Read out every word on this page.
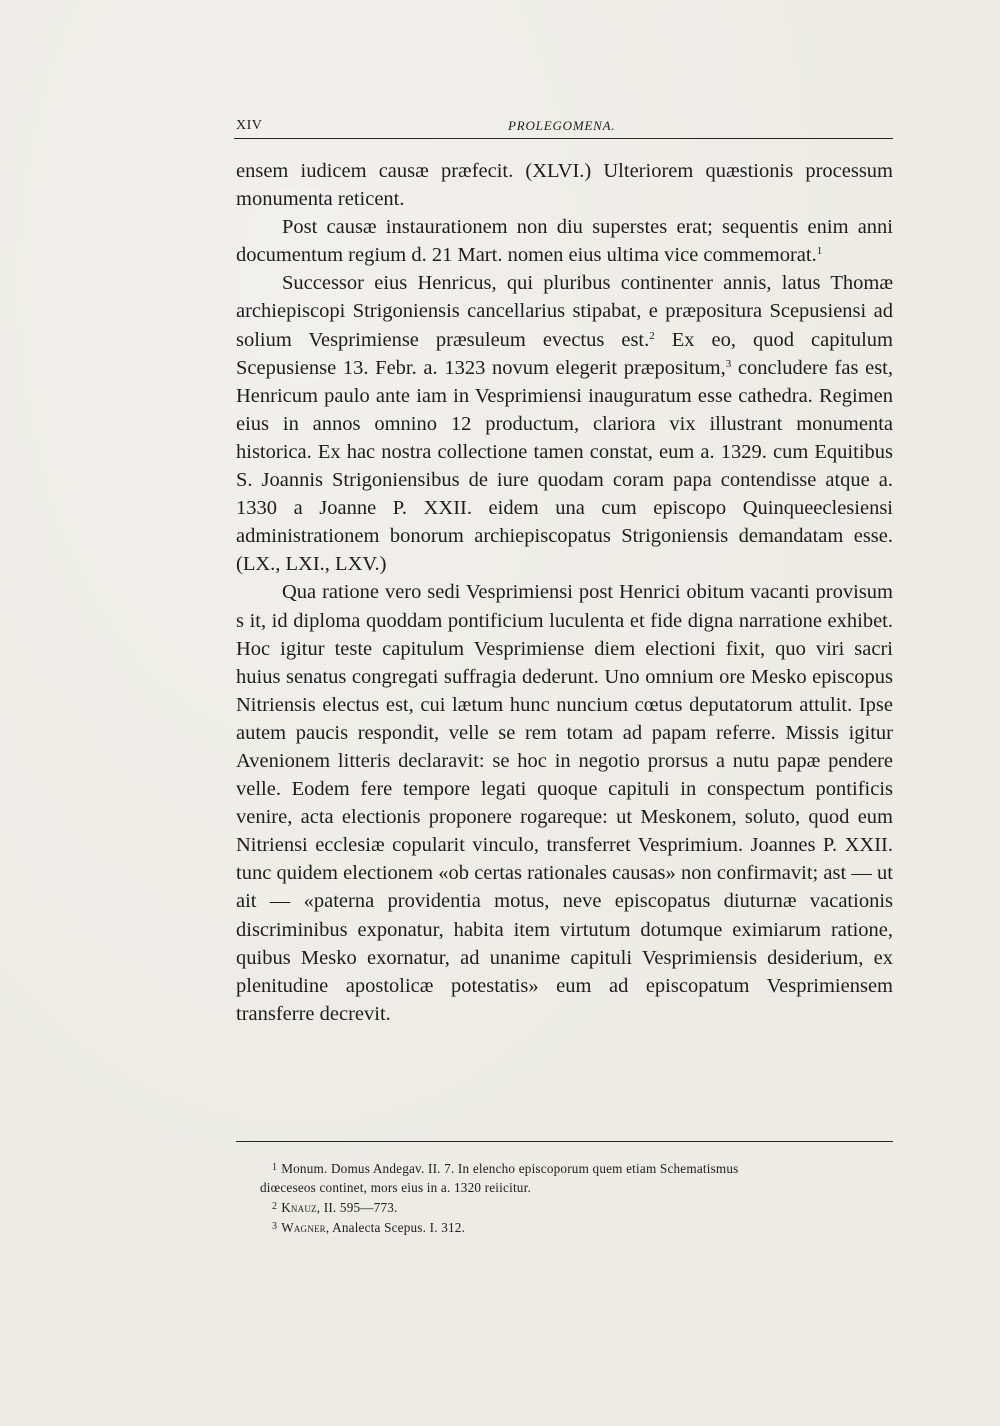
XIV	PROLEGOMENA.

ensem iudicem causæ præfecit. (XLVI.) Ulteriorem quæstionis processum monumenta reticent.

Post causæ instaurationem non diu superstes erat; sequentis enim anni documentum regium d. 21 Mart. nomen eius ultima vice commemorat.$^1$

Successor eius Henricus, qui pluribus continenter annis, latus Thomæ archiepiscopi Strigoniensis cancellarius stipabat, e præpositura Scepusiensi ad solium Vesprimiense præsuleum evectus est.$^2$ Ex eo, quod capitulum Scepusiense 13. Febr. a. 1323 novum elegerit præpositum,$^3$ concludere fas est, Henricum paulo ante iam in Vesprimiensi inauguratum esse cathedra. Regimen eius in annos omnino 12 productum, clariora vix illustrant monumenta historica. Ex hac nostra collectione tamen constat, eum a. 1329. cum Equitibus S. Joannis Strigoniensibus de iure quodam coram papa contendisse atque a. 1330 a Joanne P. XXII. eidem una cum episcopo Quinqueeclesiensi administrationem bonorum archiepiscopatus Strigoniensis demandatam esse. (LX., LXI., LXV.)

Qua ratione vero sedi Vesprimiensi post Henrici obitum vacanti provisum s it, id diploma quoddam pontificium luculenta et fide digna narratione exhibet. Hoc igitur teste capitulum Vesprimiense diem electioni fixit, quo viri sacri huius senatus congregati suffragia dederunt. Uno omnium ore Mesko episcopus Nitriensis electus est, cui lætum hunc nuncium cœtus deputatorum attulit. Ipse autem paucis respondit, velle se rem totam ad papam referre. Missis igitur Avenionem litteris declaravit: se hoc in negotio prorsus a nutu papæ pendere velle. Eodem fere tempore legati quoque capituli in conspectum pontificis venire, acta electionis proponere rogareque: ut Meskonem, soluto, quod eum Nitriensi ecclesiæ copularit vinculo, transferret Vesprimium. Joannes P. XXII. tunc quidem electionem «ob certas rationales causas» non confirmavit; ast — ut ait — «paterna providentia motus, neve episcopatus diuturnæ vacationis discriminibus exponatur, habita item virtutum dotumque eximiarum ratione, quibus Mesko exornatur, ad unanime capituli Vesprimiensis desiderium, ex plenitudine apostolicæ potestatis» eum ad episcopatum Vesprimiensem transferre decrevit.

$^1$ Monum. Domus Andegav. II. 7. In elencho episcoporum quem etiam Schematismus

diœceseos continet, mors eius in a. 1320 reiicitur.

$^2$ Knauz, II. 595—773.

$^3$ Wagner, Analecta Scepus. I. 312.
